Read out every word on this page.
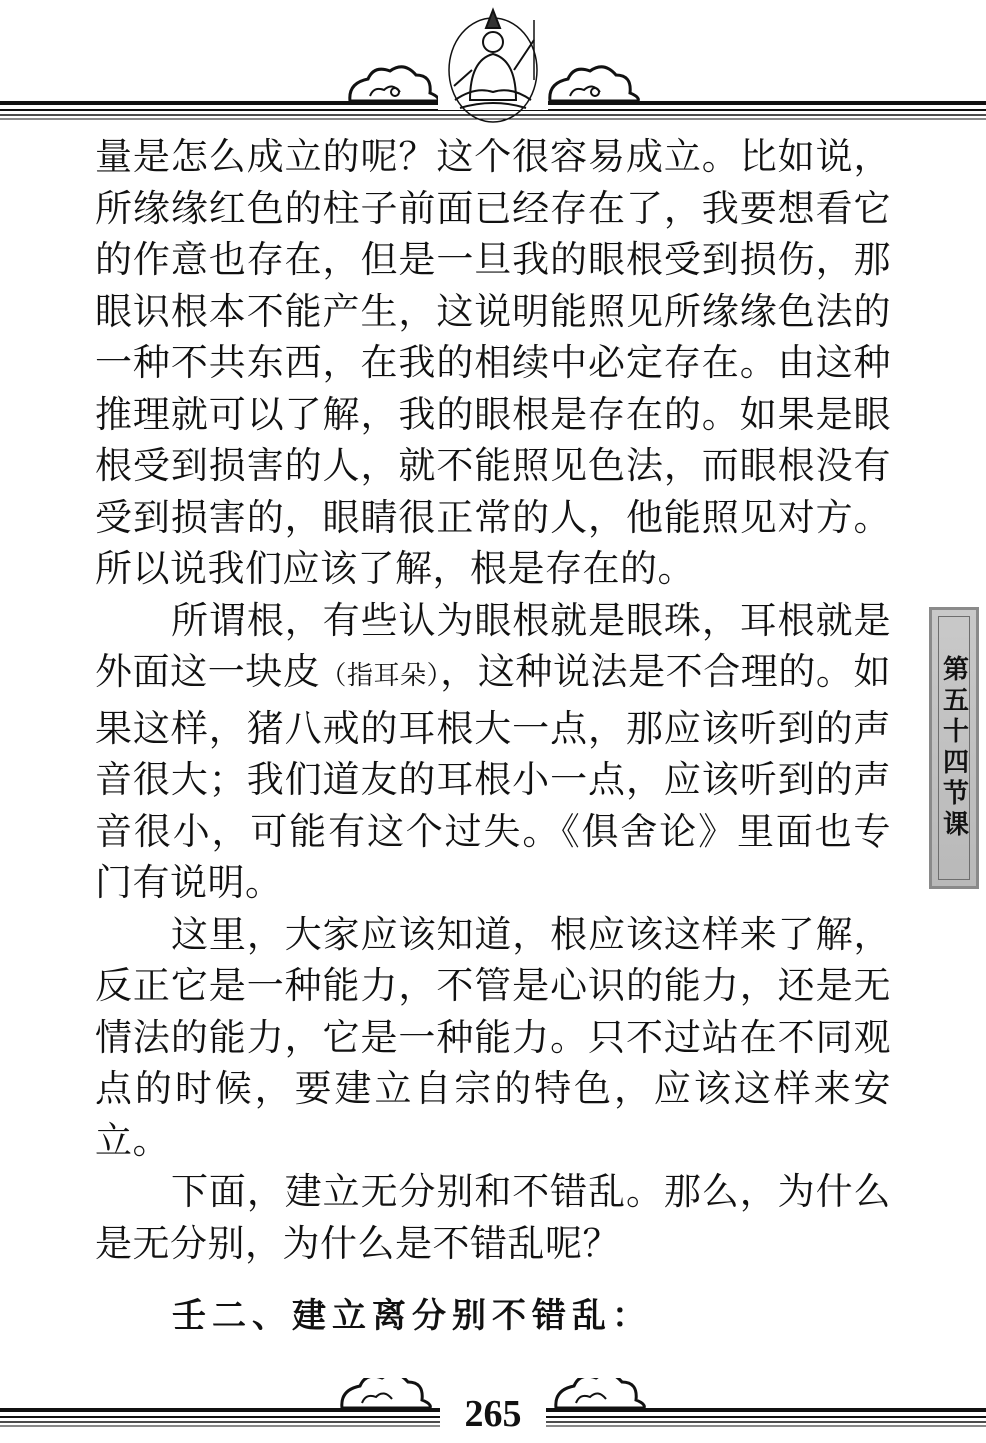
量是怎么成立的呢？这个很容易成立。比如说，所缘缘红色的柱子前面已经存在了，我要想看它的作意也存在，但是一旦我的眼根受到损伤，那眼识根本不能产生，这说明能照见所缘缘色法的一种不共东西，在我的相续中必定存在。由这种推理就可以了解，我的眼根是存在的。如果是眼根受到损害的人，就不能照见色法，而眼根没有受到损害的，眼睛很正常的人，他能照见对方。所以说我们应该了解，根是存在的。

所谓根，有些认为眼根就是眼珠，耳根就是外面这一块皮（指耳朵），这种说法是不合理的。如果这样，猪八戒的耳根大一点，那应该听到的声音很大；我们道友的耳根小一点，应该听到的声音很小，可能有这个过失。《俱舍论》里面也专门有说明。

这里，大家应该知道，根应该这样来了解，反正它是一种能力，不管是心识的能力，还是无情法的能力，它是一种能力。只不过站在不同观点的时候，要建立自宗的特色，应该这样来安立。

下面，建立无分别和不错乱。那么，为什么是无分别，为什么是不错乱呢？

壬二、建立离分别不错乱：
第五十四节课
265
